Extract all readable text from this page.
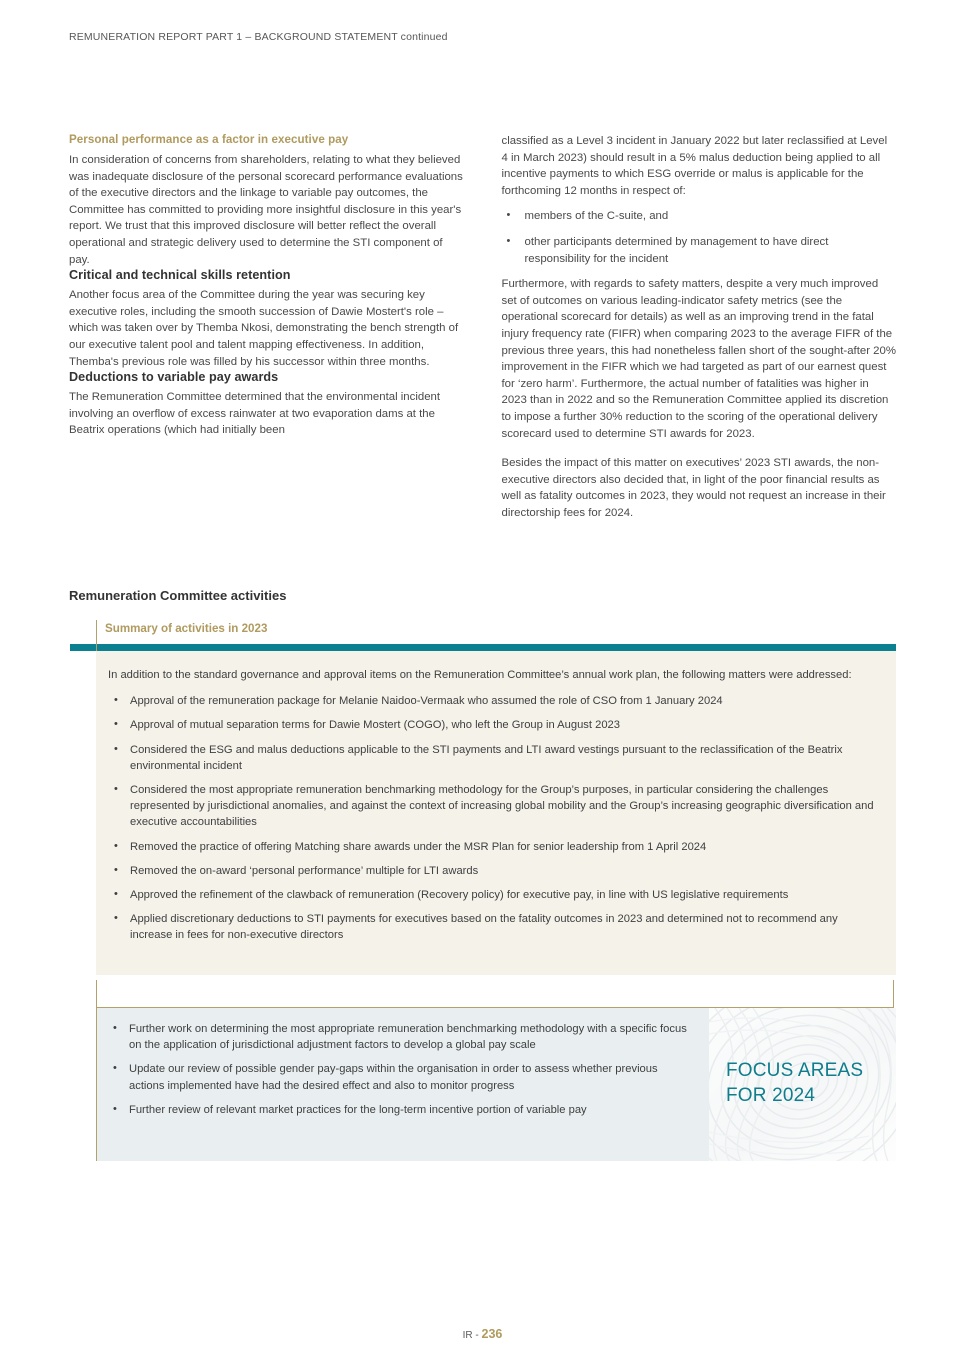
REMUNERATION REPORT PART 1 – BACKGROUND STATEMENT continued
Personal performance as a factor in executive pay

In consideration of concerns from shareholders, relating to what they believed was inadequate disclosure of the personal scorecard performance evaluations of the executive directors and the linkage to variable pay outcomes, the Committee has committed to providing more insightful disclosure in this year's report. We trust that this improved disclosure will better reflect the overall operational and strategic delivery used to determine the STI component of pay.

Critical and technical skills retention

Another focus area of the Committee during the year was securing key executive roles, including the smooth succession of Dawie Mostert's role – which was taken over by Themba Nkosi, demonstrating the bench strength of our executive talent pool and talent mapping effectiveness. In addition, Themba's previous role was filled by his successor within three months.

Deductions to variable pay awards

The Remuneration Committee determined that the environmental incident involving an overflow of excess rainwater at two evaporation dams at the Beatrix operations (which had initially been

classified as a Level 3 incident in January 2022 but later reclassified at Level 4 in March 2023) should result in a 5% malus deduction being applied to all incentive payments to which ESG override or malus is applicable for the forthcoming 12 months in respect of:

• members of the C-suite, and
• other participants determined by management to have direct responsibility for the incident

Furthermore, with regards to safety matters, despite a very much improved set of outcomes on various leading-indicator safety metrics (see the operational scorecard for details) as well as an improving trend in the fatal injury frequency rate (FIFR) when comparing 2023 to the average FIFR of the previous three years, this had nonetheless fallen short of the sought-after 20% improvement in the FIFR which we had targeted as part of our earnest quest for ‘zero harm’. Furthermore, the actual number of fatalities was higher in 2023 than in 2022 and so the Remuneration Committee applied its discretion to impose a further 30% reduction to the scoring of the operational delivery scorecard used to determine STI awards for 2023.

Besides the impact of this matter on executives’ 2023 STI awards, the non-executive directors also decided that, in light of the poor financial results as well as fatality outcomes in 2023, they would not request an increase in their directorship fees for 2024.

Remuneration Committee activities
Summary of activities in 2023

In addition to the standard governance and approval items on the Remuneration Committee’s annual work plan, the following matters were addressed:

• Approval of the remuneration package for Melanie Naidoo-Vermaak who assumed the role of CSO from 1 January 2024
• Approval of mutual separation terms for Dawie Mostert (COGO), who left the Group in August 2023
• Considered the ESG and malus deductions applicable to the STI payments and LTI award vestings pursuant to the reclassification of the Beatrix environmental incident
• Considered the most appropriate remuneration benchmarking methodology for the Group’s purposes, in particular considering the challenges represented by jurisdictional anomalies, and against the context of increasing global mobility and the Group’s increasing geographic diversification and executive accountabilities
• Removed the practice of offering Matching share awards under the MSR Plan for senior leadership from 1 April 2024
• Removed the on-award ‘personal performance’ multiple for LTI awards
• Approved the refinement of the clawback of remuneration (Recovery policy) for executive pay, in line with US legislative requirements
• Applied discretionary deductions to STI payments for executives based on the fatality outcomes in 2023 and determined not to recommend any increase in fees for non-executive directors
• Further work on determining the most appropriate remuneration benchmarking methodology with a specific focus on the application of jurisdictional adjustment factors to develop a global pay scale
• Update our review of possible gender pay-gaps within the organisation in order to assess whether previous actions implemented have had the desired effect and also to monitor progress
• Further review of relevant market practices for the long-term incentive portion of variable pay
FOCUS AREAS
FOR 2024
IR - 236
